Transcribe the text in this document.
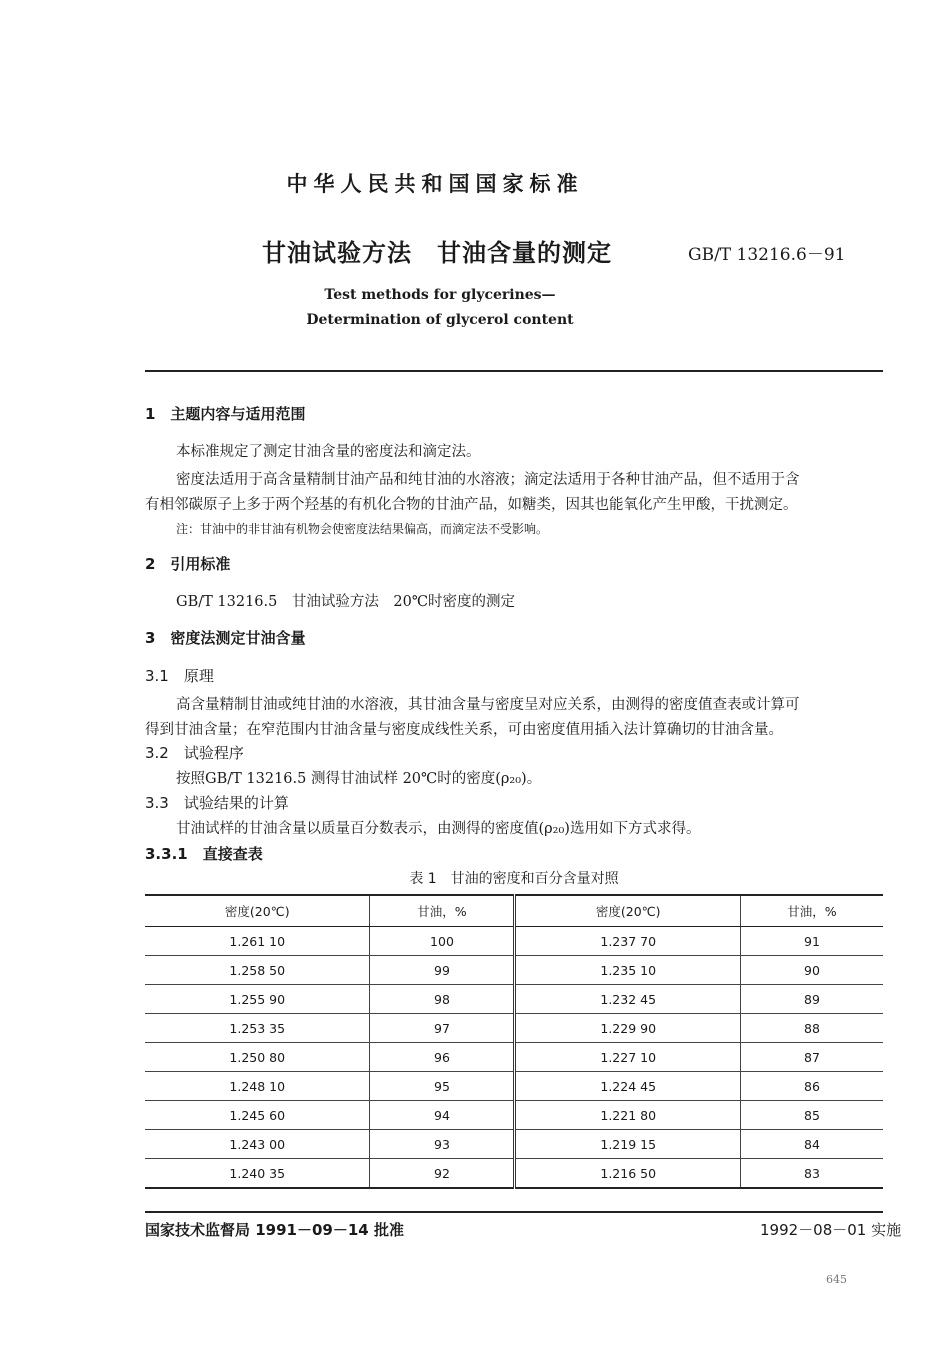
中华人民共和国国家标准
甘油试验方法　甘油含量的测定	GB/T 13216.6－91
Test methods for glycerines—
Determination of glycerol content
1　主题内容与适用范围
本标准规定了测定甘油含量的密度法和滴定法。
密度法适用于高含量精制甘油产品和纯甘油的水溶液；滴定法适用于各种甘油产品，但不适用于含
有相邻碳原子上多于两个羟基的有机化合物的甘油产品，如糖类，因其也能氧化产生甲酸，干扰测定。
注：甘油中的非甘油有机物会使密度法结果偏高，而滴定法不受影响。
2　引用标准
GB/T 13216.5　甘油试验方法　20℃时密度的测定
3　密度法测定甘油含量
3.1　原理
高含量精制甘油或纯甘油的水溶液，其甘油含量与密度呈对应关系，由测得的密度值查表或计算可
得到甘油含量；在窄范围内甘油含量与密度成线性关系，可由密度值用插入法计算确切的甘油含量。
3.2　试验程序
按照GB/T 13216.5 测得甘油试样 20℃时的密度(ρ₂₀)。
3.3　试验结果的计算
甘油试样的甘油含量以质量百分数表示，由测得的密度值(ρ₂₀)选用如下方式求得。
3.3.1　直接查表
表 1　甘油的密度和百分含量对照
密度(20℃)	甘油，%	密度(20℃)	甘油，%
1.261 10	100	1.237 70	91
1.258 50	99	1.235 10	90
1.255 90	98	1.232 45	89
1.253 35	97	1.229 90	88
1.250 80	96	1.227 10	87
1.248 10	95	1.224 45	86
1.245 60	94	1.221 80	85
1.243 00	93	1.219 15	84
1.240 35	92	1.216 50	83
国家技术监督局 1991－09－14 批准	1992－08－01 实施
645
